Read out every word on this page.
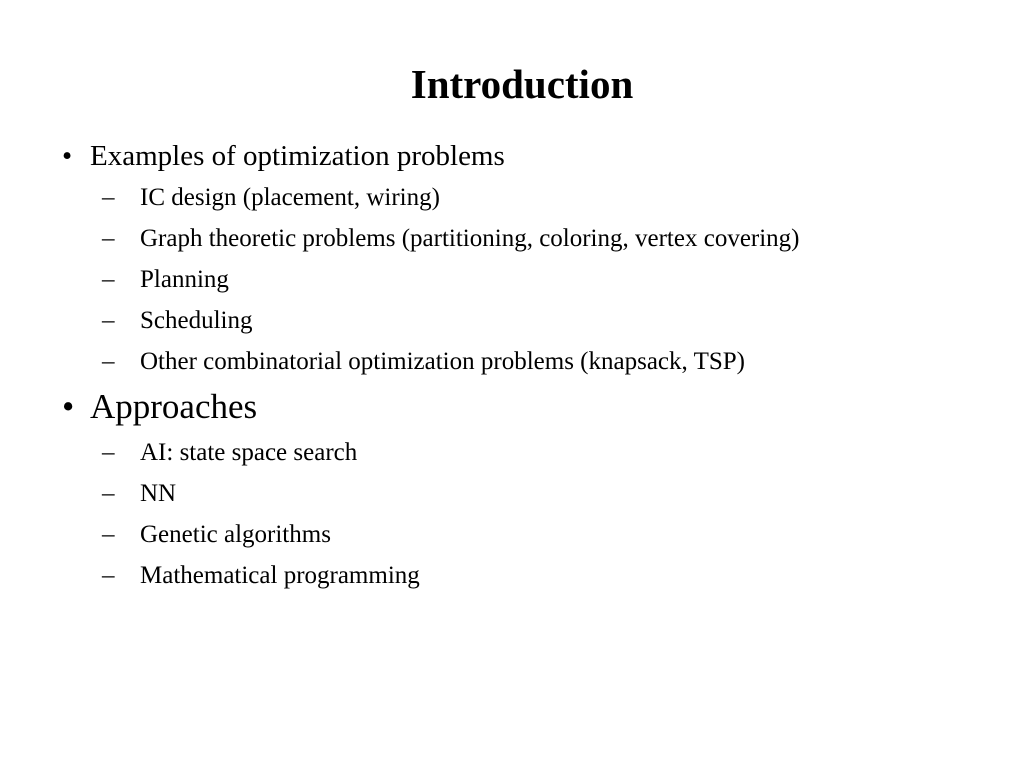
Introduction
• Examples of optimization problems
–	IC design (placement, wiring)
–	Graph theoretic problems (partitioning, coloring, vertex covering)
–	Planning
–	Scheduling
–	Other combinatorial optimization problems (knapsack, TSP)
• Approaches
–	AI: state space search
–	NN
–	Genetic algorithms
–	Mathematical programming
